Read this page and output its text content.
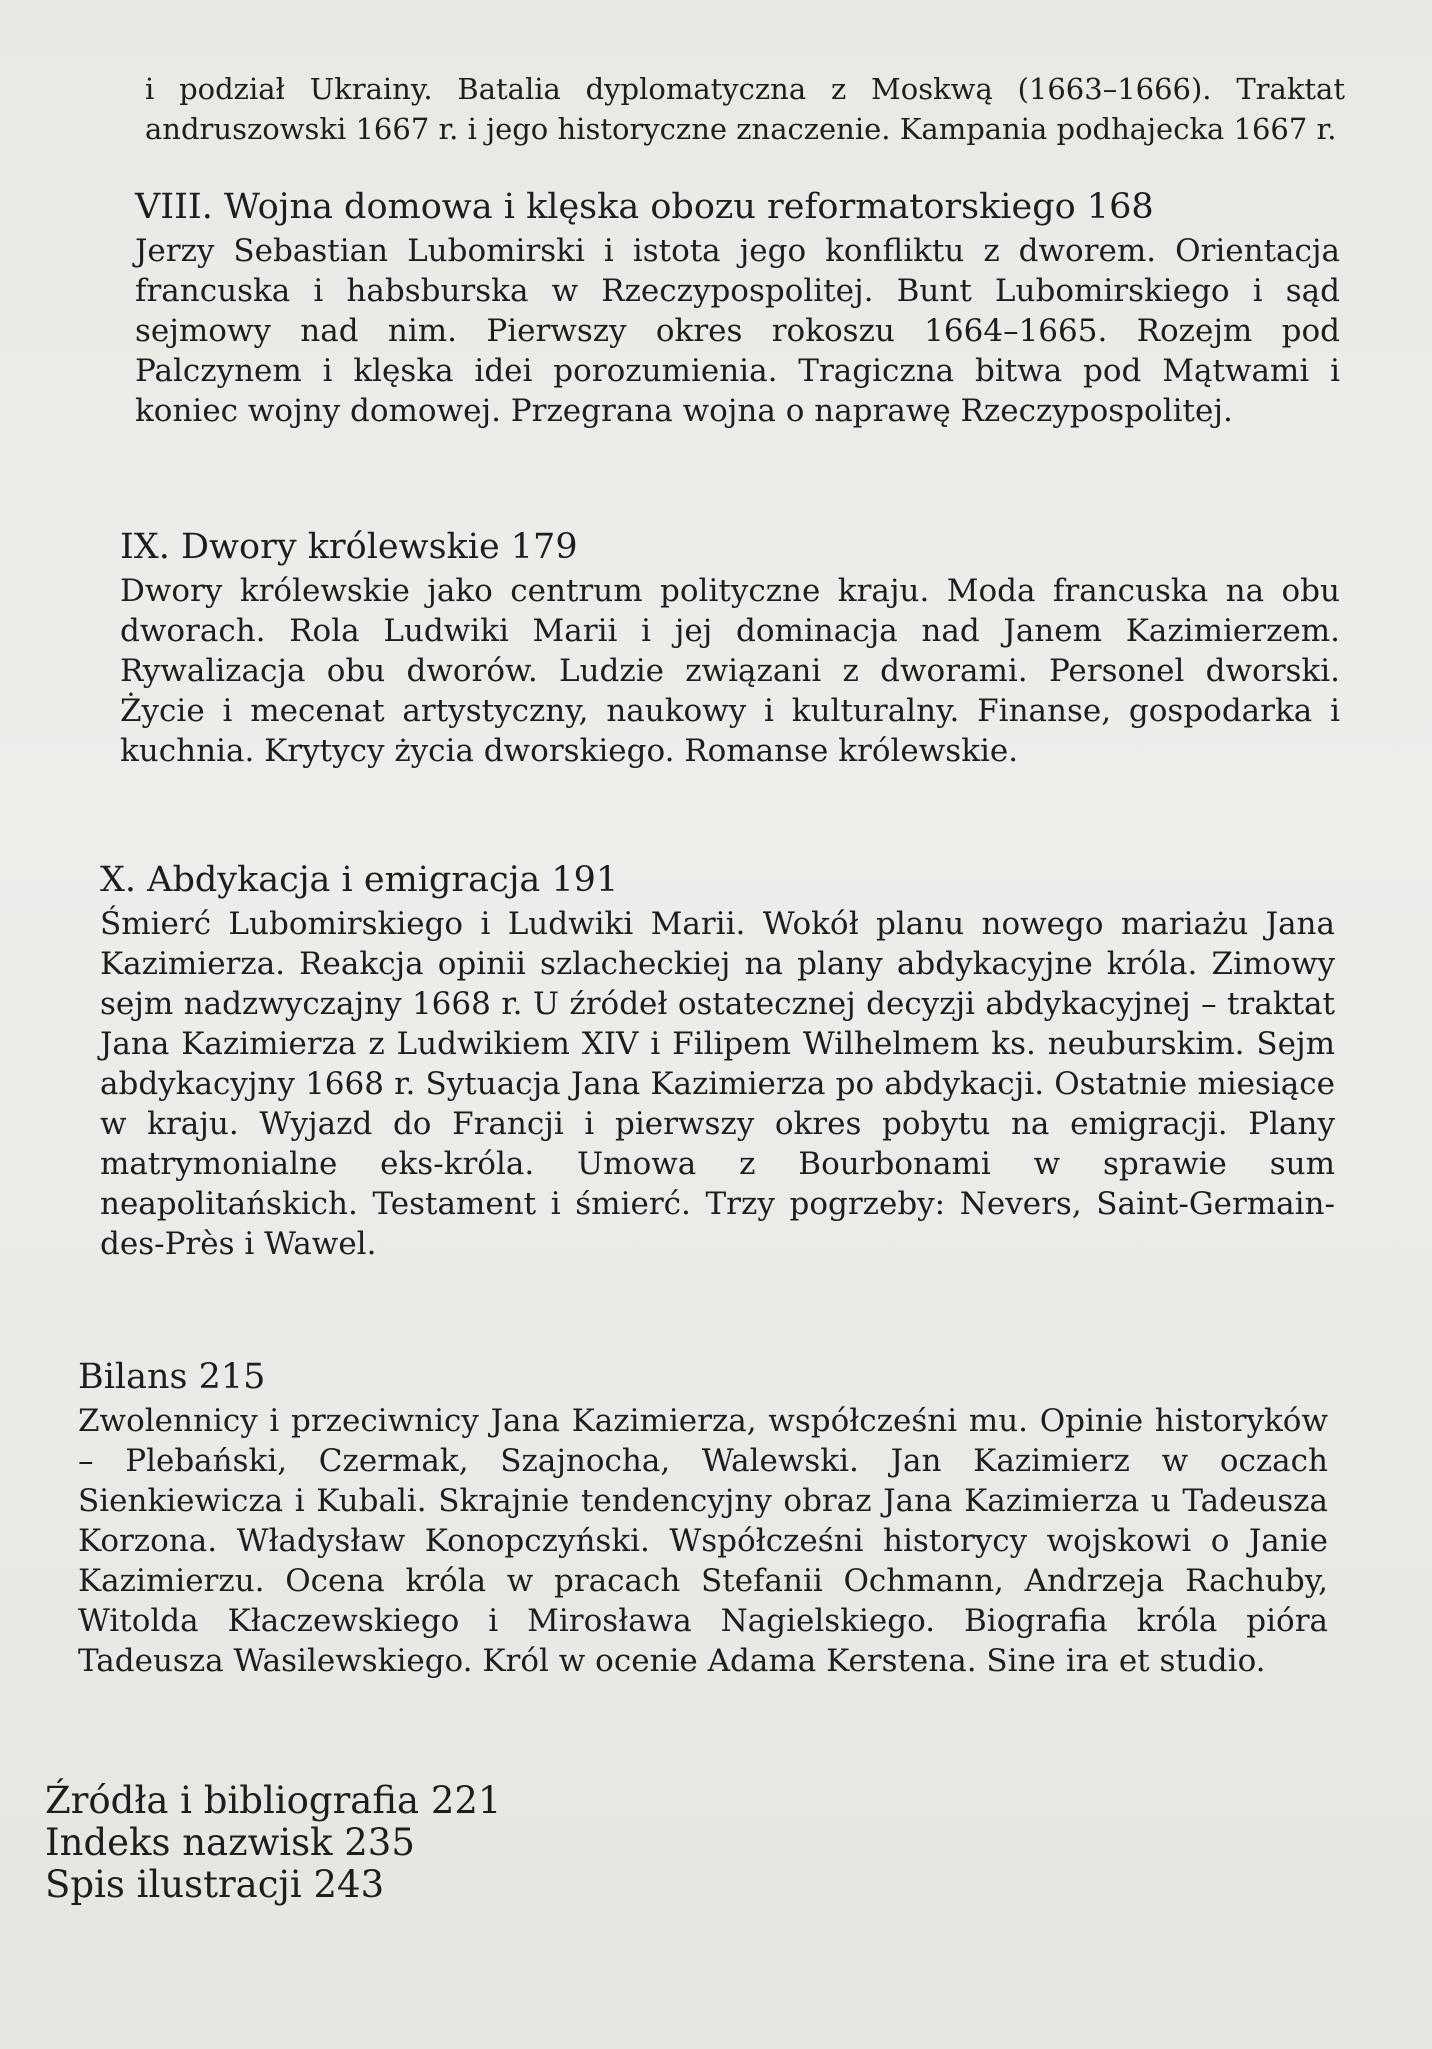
i podział Ukrainy. Batalia dyplomatyczna z Moskwą (1663–1666). Traktat andruszowski 1667 r. i jego historyczne znaczenie. Kampania podhajecka 1667 r.

VIII. Wojna domowa i klęska obozu reformatorskiego 168

Jerzy Sebastian Lubomirski i istota jego konfliktu z dworem. Orientacja francuska i habsburska w Rzeczypospolitej. Bunt Lubomirskiego i sąd sejmowy nad nim. Pierwszy okres rokoszu 1664–1665. Rozejm pod Palczynem i klęska idei porozumienia. Tragiczna bitwa pod Mątwami i koniec wojny domowej. Przegrana wojna o naprawę Rzeczypospolitej.

IX. Dwory królewskie 179

Dwory królewskie jako centrum polityczne kraju. Moda francuska na obu dworach. Rola Ludwiki Marii i jej dominacja nad Janem Kazimierzem. Rywalizacja obu dworów. Ludzie związani z dworami. Personel dworski. Życie i mecenat artystyczny, naukowy i kulturalny. Finanse, gospodarka i kuchnia. Krytycy życia dworskiego. Romanse królewskie.

X. Abdykacja i emigracja 191

Śmierć Lubomirskiego i Ludwiki Marii. Wokół planu nowego mariażu Jana Kazimierza. Reakcja opinii szlacheckiej na plany abdykacyjne króla. Zimowy sejm nadzwyczajny 1668 r. U źródeł ostatecznej decyzji abdykacyjnej – traktat Jana Kazimierza z Ludwikiem XIV i Filipem Wilhelmem ks. neuburskim. Sejm abdykacyjny 1668 r. Sytuacja Jana Kazimierza po abdykacji. Ostatnie miesiące w kraju. Wyjazd do Francji i pierwszy okres pobytu na emigracji. Plany matrymonialne eks-króla. Umowa z Bourbonami w sprawie sum neapolitańskich. Testament i śmierć. Trzy pogrzeby: Nevers, Saint-Germain-des-Près i Wawel.

Bilans 215

Zwolennicy i przeciwnicy Jana Kazimierza, współcześni mu. Opinie historyków – Plebański, Czermak, Szajnocha, Walewski. Jan Kazimierz w oczach Sienkiewicza i Kubali. Skrajnie tendencyjny obraz Jana Kazimierza u Tadeusza Korzona. Władysław Konopczyński. Współcześni historycy wojskowi o Janie Kazimierzu. Ocena króla w pracach Stefanii Ochmann, Andrzeja Rachuby, Witolda Kłaczewskiego i Mirosława Nagielskiego. Biografia króla pióra Tadeusza Wasilewskiego. Król w ocenie Adama Kerstena. Sine ira et studio.

Źródła i bibliografia 221
Indeks nazwisk 235
Spis ilustracji 243
